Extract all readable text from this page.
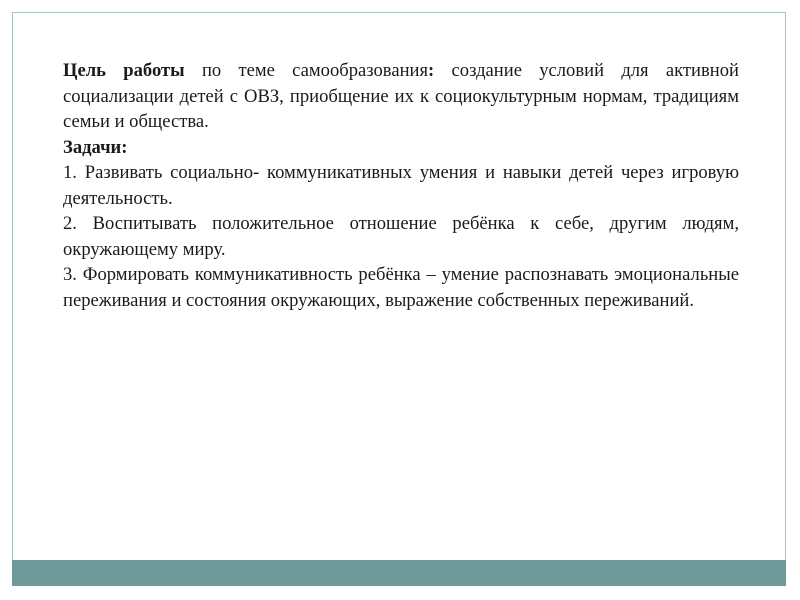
Цель работы по теме самообразования: создание условий для активной социализации детей с ОВЗ, приобщение их к социокультурным нормам, традициям семьи и общества.

Задачи:

1. Развивать социально- коммуникативных умения и навыки детей через игровую деятельность.

2. Воспитывать положительное отношение ребёнка к себе, другим людям, окружающему миру.

3. Формировать коммуникативность ребёнка – умение распознавать эмоциональные переживания и состояния окружающих, выражение собственных переживаний.
